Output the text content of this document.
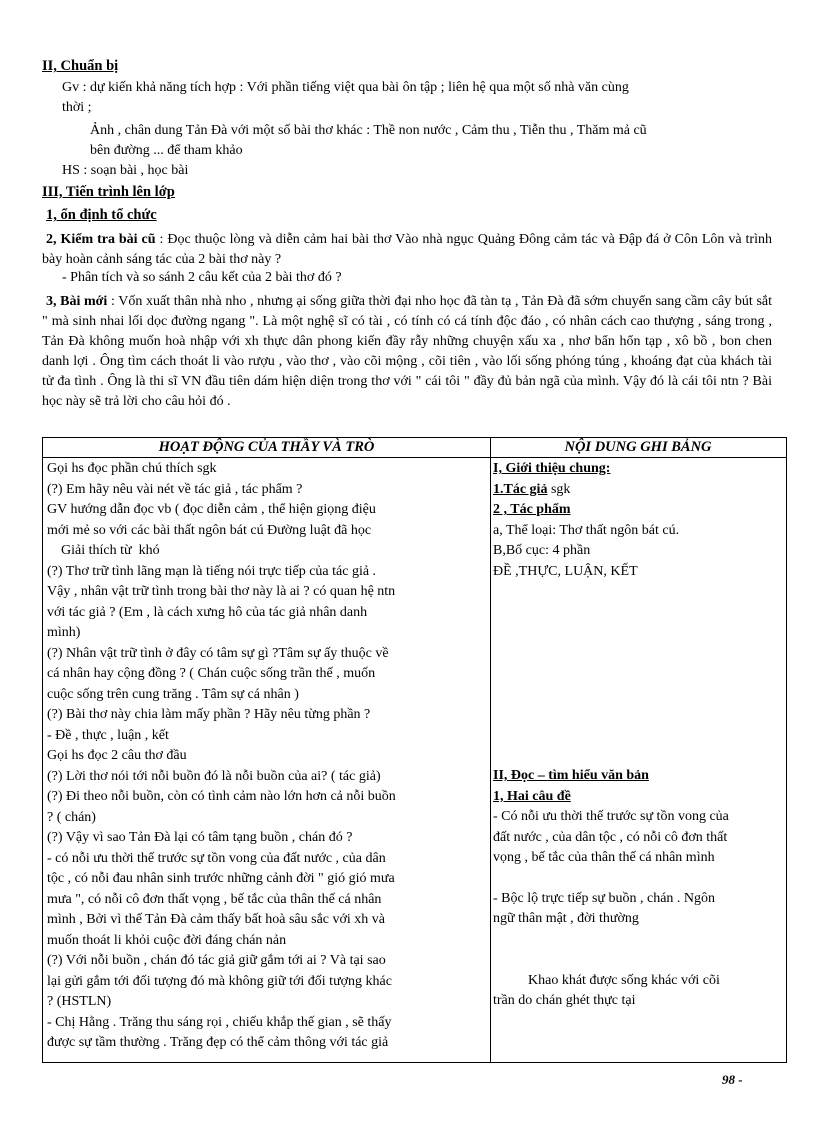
II, Chuẩn bị
Gv : dự kiến khả năng tích hợp : Với phần tiếng việt qua bài ôn tập ; liên hệ qua một số nhà văn cùng
thời ;
Ảnh , chân dung Tản Đà với một số bài thơ khác : Thề non nước , Cảm thu , Tiễn thu , Thăm mả cũ
bên đường ... để tham khảo
HS : soạn bài , học bài
III, Tiến trình lên lớp
1, ổn định tổ chức
2, Kiểm tra bài cũ : Đọc thuộc lòng và diễn cảm hai bài thơ Vào nhà ngục Quảng Đông cảm tác và Đập đá ở Côn Lôn và trình bày hoàn cảnh sáng tác của 2 bài thơ này ?
- Phân tích và so sánh 2 câu kết của 2 bài thơ đó ?
3, Bài mới : Vốn xuất thân nhà nho , nhưng ại sống giữa thời đại nho học đã tàn tạ , Tản Đà đã sớm chuyển sang cầm cây bút sắt " mà sinh nhai lối dọc đường ngang ". Là một nghệ sĩ có tài , có tính có cá tính độc đáo , có nhân cách cao thượng , sáng trong , Tản Đà không muốn hoà nhập với xh thực dân phong kiến đầy rẫy những chuyện xấu xa , nhơ bẩn hổn tạp , xô bồ , bon chen danh lợi . Ông tìm cách thoát li vào rượu , vào thơ , vào cõi mộng , cõi tiên , vào lối sống phóng túng , khoáng đạt của khách tài tử đa tình . Ông là thi sĩ VN đầu tiên dám hiện diện trong thơ với " cái tôi " đầy đủ bản ngã của mình. Vậy đó là cái tôi ntn ? Bài học này sẽ trả lời cho câu hỏi đó .
HOẠT ĐỘNG CỦA THẦY VÀ TRÒ	NỘI DUNG GHI BẢNG

Gọi hs đọc phần chú thích sgk

(?) Em hãy nêu vài nét về tác giả , tác phẩm ?

GV hướng dẫn đọc vb ( đọc diễn cảm , thể hiện giọng điệu

mới mẻ so với các bài thất ngôn bát cú Đường luật đã học

Giải thích từ  khó

(?) Thơ trữ tình lãng mạn là tiếng nói trực tiếp của tác giả .

Vậy , nhân vật trữ tình trong bài thơ này là ai ? có quan hệ ntn

với tác giả ? (Em , là cách xưng hô của tác giả nhân danh

mình)

(?) Nhân vật trữ tình ở đây có tâm sự gì ?Tâm sự ấy thuộc về

cá nhân hay cộng đồng ? ( Chán cuộc sống trần thế , muốn

cuộc sống trên cung trăng . Tâm sự cá nhân )

(?) Bài thơ này chia làm mấy phần ? Hãy nêu từng phần ?

- Đề , thực , luận , kết

Gọi hs đọc 2 câu thơ đầu

(?) Lời thơ nói tới nỗi buồn đó là nỗi buồn của ai? ( tác giả)

(?) Đi theo nỗi buồn, còn có tình cảm nào lớn hơn cả nỗi buồn

? ( chán)

(?) Vậy vì sao Tản Đà lại có tâm tạng buồn , chán đó ?

- có nỗi ưu thời thế trước sự tồn vong của đất nước , của dân

tộc , có nỗi đau nhân sinh trước những cảnh đời " gió gió mưa

mưa ", có nỗi cô đơn thất vọng , bế tắc của thân thế cá nhân

mình , Bởi vì thế Tản Đà cảm thấy bất hoà sâu sắc với xh và

muốn thoát li khỏi cuộc đời đáng chán nản

(?) Với nỗi buồn , chán đó tác giả giữ gắm tới ai ? Và tại sao

lại gửi gắm tới đối tượng đó mà không giữ tới đối tượng khác

? (HSTLN)

- Chị Hằng . Trăng thu sáng rọi , chiếu khắp thế gian , sẽ thấy

được sự tầm thường . Trăng đẹp có thể cảm thông với tác giả

I, Giới thiệu chung:

1.Tác giả sgk

2 , Tác phẩm

a, Thể loại: Thơ thất ngôn bát cú.

B,Bố cục: 4 phần

ĐỀ ,THỰC, LUẬN, KẾT

II, Đọc – tìm hiểu văn bản

1, Hai câu đề

- Có nỗi ưu thời thế trước sự tồn vong của

đất nước , của dân tộc , có nỗi cô đơn thất

vọng , bế tắc của thân thế cá nhân mình

- Bộc lộ trực tiếp sự buồn , chán . Ngôn

ngữ thân mật , đời thường

Khao khát được sống khác với cõi

trần do chán ghét thực tại

98 -
